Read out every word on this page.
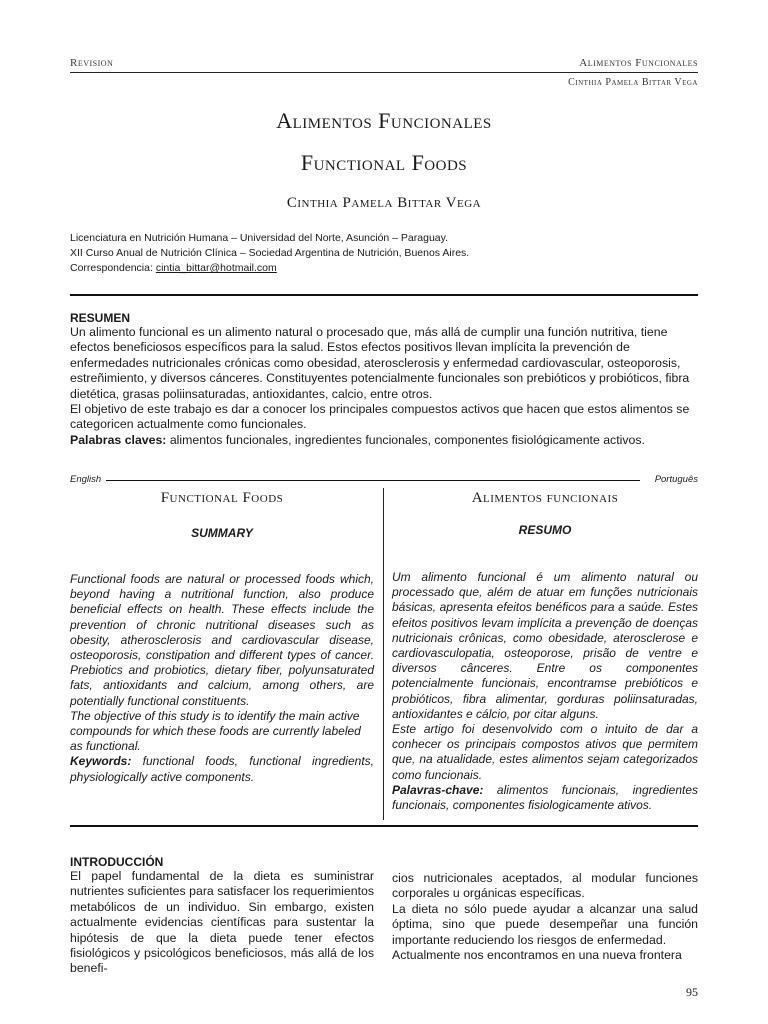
Revision	Alimentos Funcionales
Cinthia Pamela Bittar Vega
Alimentos Funcionales
Functional Foods
Cinthia Pamela Bittar Vega
Licenciatura en Nutrición Humana – Universidad del Norte, Asunción – Paraguay.
XII Curso Anual de Nutrición Clínica – Sociedad Argentina de Nutrición, Buenos Aires.
Correspondencia: cintia_bittar@hotmail.com
RESUMEN

Un alimento funcional es un alimento natural o procesado que, más allá de cumplir una función nutritiva, tiene efectos beneficiosos específicos para la salud. Estos efectos positivos llevan implícita la prevención de enfermedades nutricionales crónicas como obesidad, aterosclerosis y enfermedad cardiovascular, osteoporosis, estreñimiento, y diversos cánceres. Constituyentes potencialmente funcionales son prebióticos y probióticos, fibra dietética, grasas poliinsaturadas, antioxidantes, calcio, entre otros.

El objetivo de este trabajo es dar a conocer los principales compuestos activos que hacen que estos alimentos se categoricen actualmente como funcionales.

Palabras claves: alimentos funcionales, ingredientes funcionales, componentes fisiológicamente activos.

English	Português
Functional Foods	Alimentos funcionais
SUMMARY	RESUMO

Functional foods are natural or processed foods which, beyond having a nutritional function, also produce beneficial effects on health. These effects include the prevention of chronic nutritional diseases such as obesity, atherosclerosis and cardiovascular disease, osteoporosis, constipation and different types of cancer. Prebiotics and probiotics, dietary fiber, polyunsaturated fats, antioxidants and calcium, among others, are potentially functional constituents.

The objective of this study is to identify the main active compounds for which these foods are currently labeled as functional.

Keywords: functional foods, functional ingredients, physiologically active components.

Um alimento funcional é um alimento natural ou processado que, além de atuar em funções nutricionais básicas, apresenta efeitos benéficos para a saúde. Estes efeitos positivos levam implícita a prevenção de doenças nutricionais crônicas, como obesidade, aterosclerose e cardiovasculopatia, osteoporose, prisão de ventre e diversos cânceres. Entre os componentes potencialmente funcionais, encontramse prebióticos e probióticos, fibra alimentar, gorduras poliinsaturadas, antioxidantes e cálcio, por citar alguns.

Este artigo foi desenvolvido com o intuito de dar a conhecer os principais compostos ativos que permitem que, na atualidade, estes alimentos sejam categorizados como funcionais.

Palavras-chave: alimentos funcionais, ingredientes funcionais, componentes fisiologicamente ativos.

INTRODUCCIÓN

El papel fundamental de la dieta es suministrar nutrientes suficientes para satisfacer los requerimientos metabólicos de un individuo. Sin embargo, existen actualmente evidencias científicas para sustentar la hipótesis de que la dieta puede tener efectos fisiológicos y psicológicos beneficiosos, más allá de los benefi-

cios nutricionales aceptados, al modular funciones corporales u orgánicas específicas.

La dieta no sólo puede ayudar a alcanzar una salud óptima, sino que puede desempeñar una función importante reduciendo los riesgos de enfermedad.

Actualmente nos encontramos en una nueva frontera

95
